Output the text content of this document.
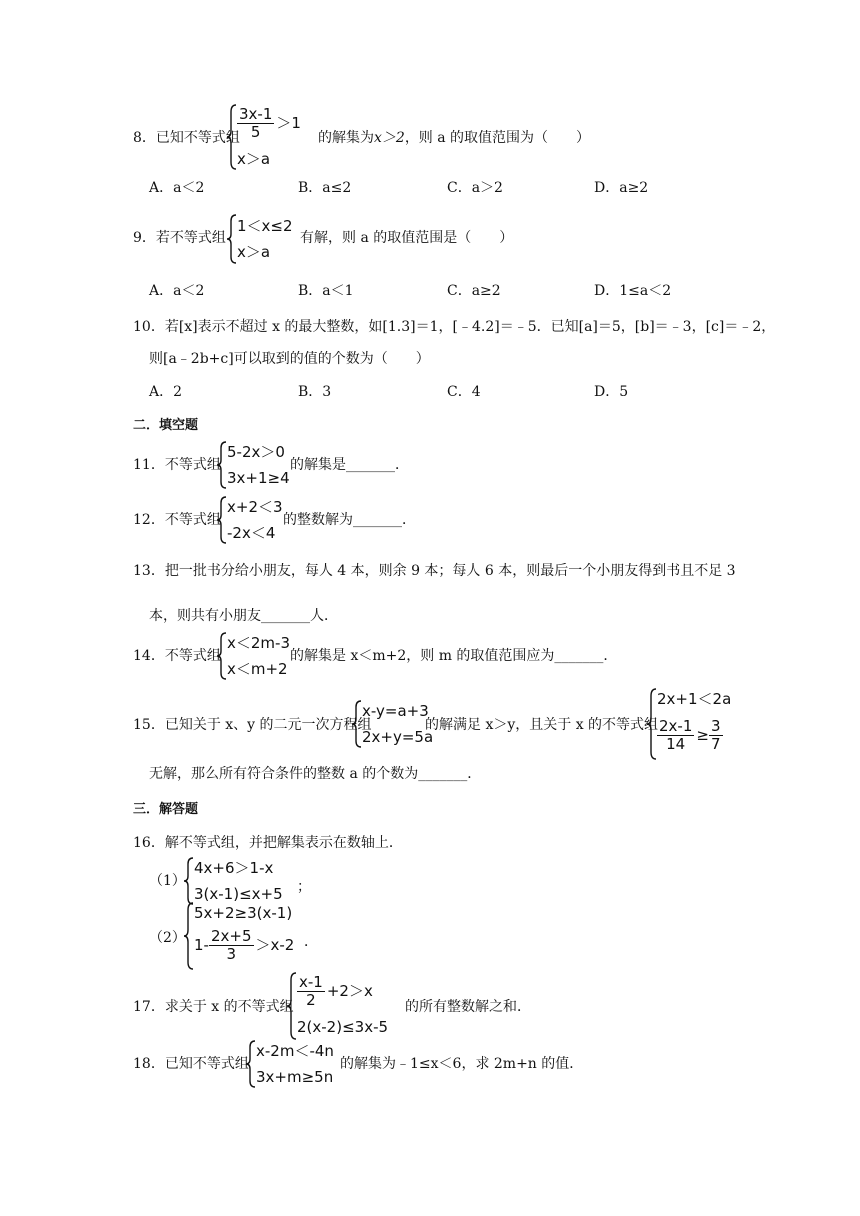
8．已知不等式组
$\frac{3x-1}{5} >1$
x＞a
的解集为x＞2，则 a 的取值范围为（　　）
A．a＜2	B．a≤2	C．a＞2	D．a≥2
9．若不等式组
1＜x≤2
x＞a
有解，则 a 的取值范围是（　　）
A．a＜2	B．a＜1	C．a≥2	D．1≤a＜2
10．若[x]表示不超过 x 的最大整数，如[1.3]＝1，[﹣4.2]＝﹣5．已知[a]＝5，[b]＝﹣3，[c]＝﹣2，
则[a﹣2b+c]可以取到的值的个数为（　　）
A．2	B．3	C．4	D．5
二．填空题
11．不等式组
5-2x＞0
3x+1≥4
的解集是_______．
12．不等式组
x+2＜3
-2x＜4
的整数解为_______．
13．把一批书分给小朋友，每人 4 本，则余 9 本；每人 6 本，则最后一个小朋友得到书且不足 3
本，则共有小朋友_______人．
14．不等式组
x＜2m-3
x＜m+2
的解集是 x＜m+2，则 m 的取值范围应为_______．
15．已知关于 x、y 的二元一次方程组
x-y=a+3
2x+y=5a
的解满足 x＞y，且关于 x 的不等式组
2x+1＜2a
$\frac{2x-1}{14} \ge \frac{3}{7}$
无解，那么所有符合条件的整数 a 的个数为_______．
三．解答题
16．解不等式组，并把解集表示在数轴上．
（1）
4x+6＞1-x
3(x-1)≤x+5 ；
（2）
5x+2≥3(x-1)
$1- \frac{2x+5}{3} >x-2$ ．
17．求关于 x 的不等式组 $\frac{x-1}{2} +2>x$
2(x-2)≤3x-5
的所有整数解之和．
18．已知不等式组
x-2m＜-4n
3x+m≥5n
的解集为﹣1≤x＜6，求 2m+n 的值．
